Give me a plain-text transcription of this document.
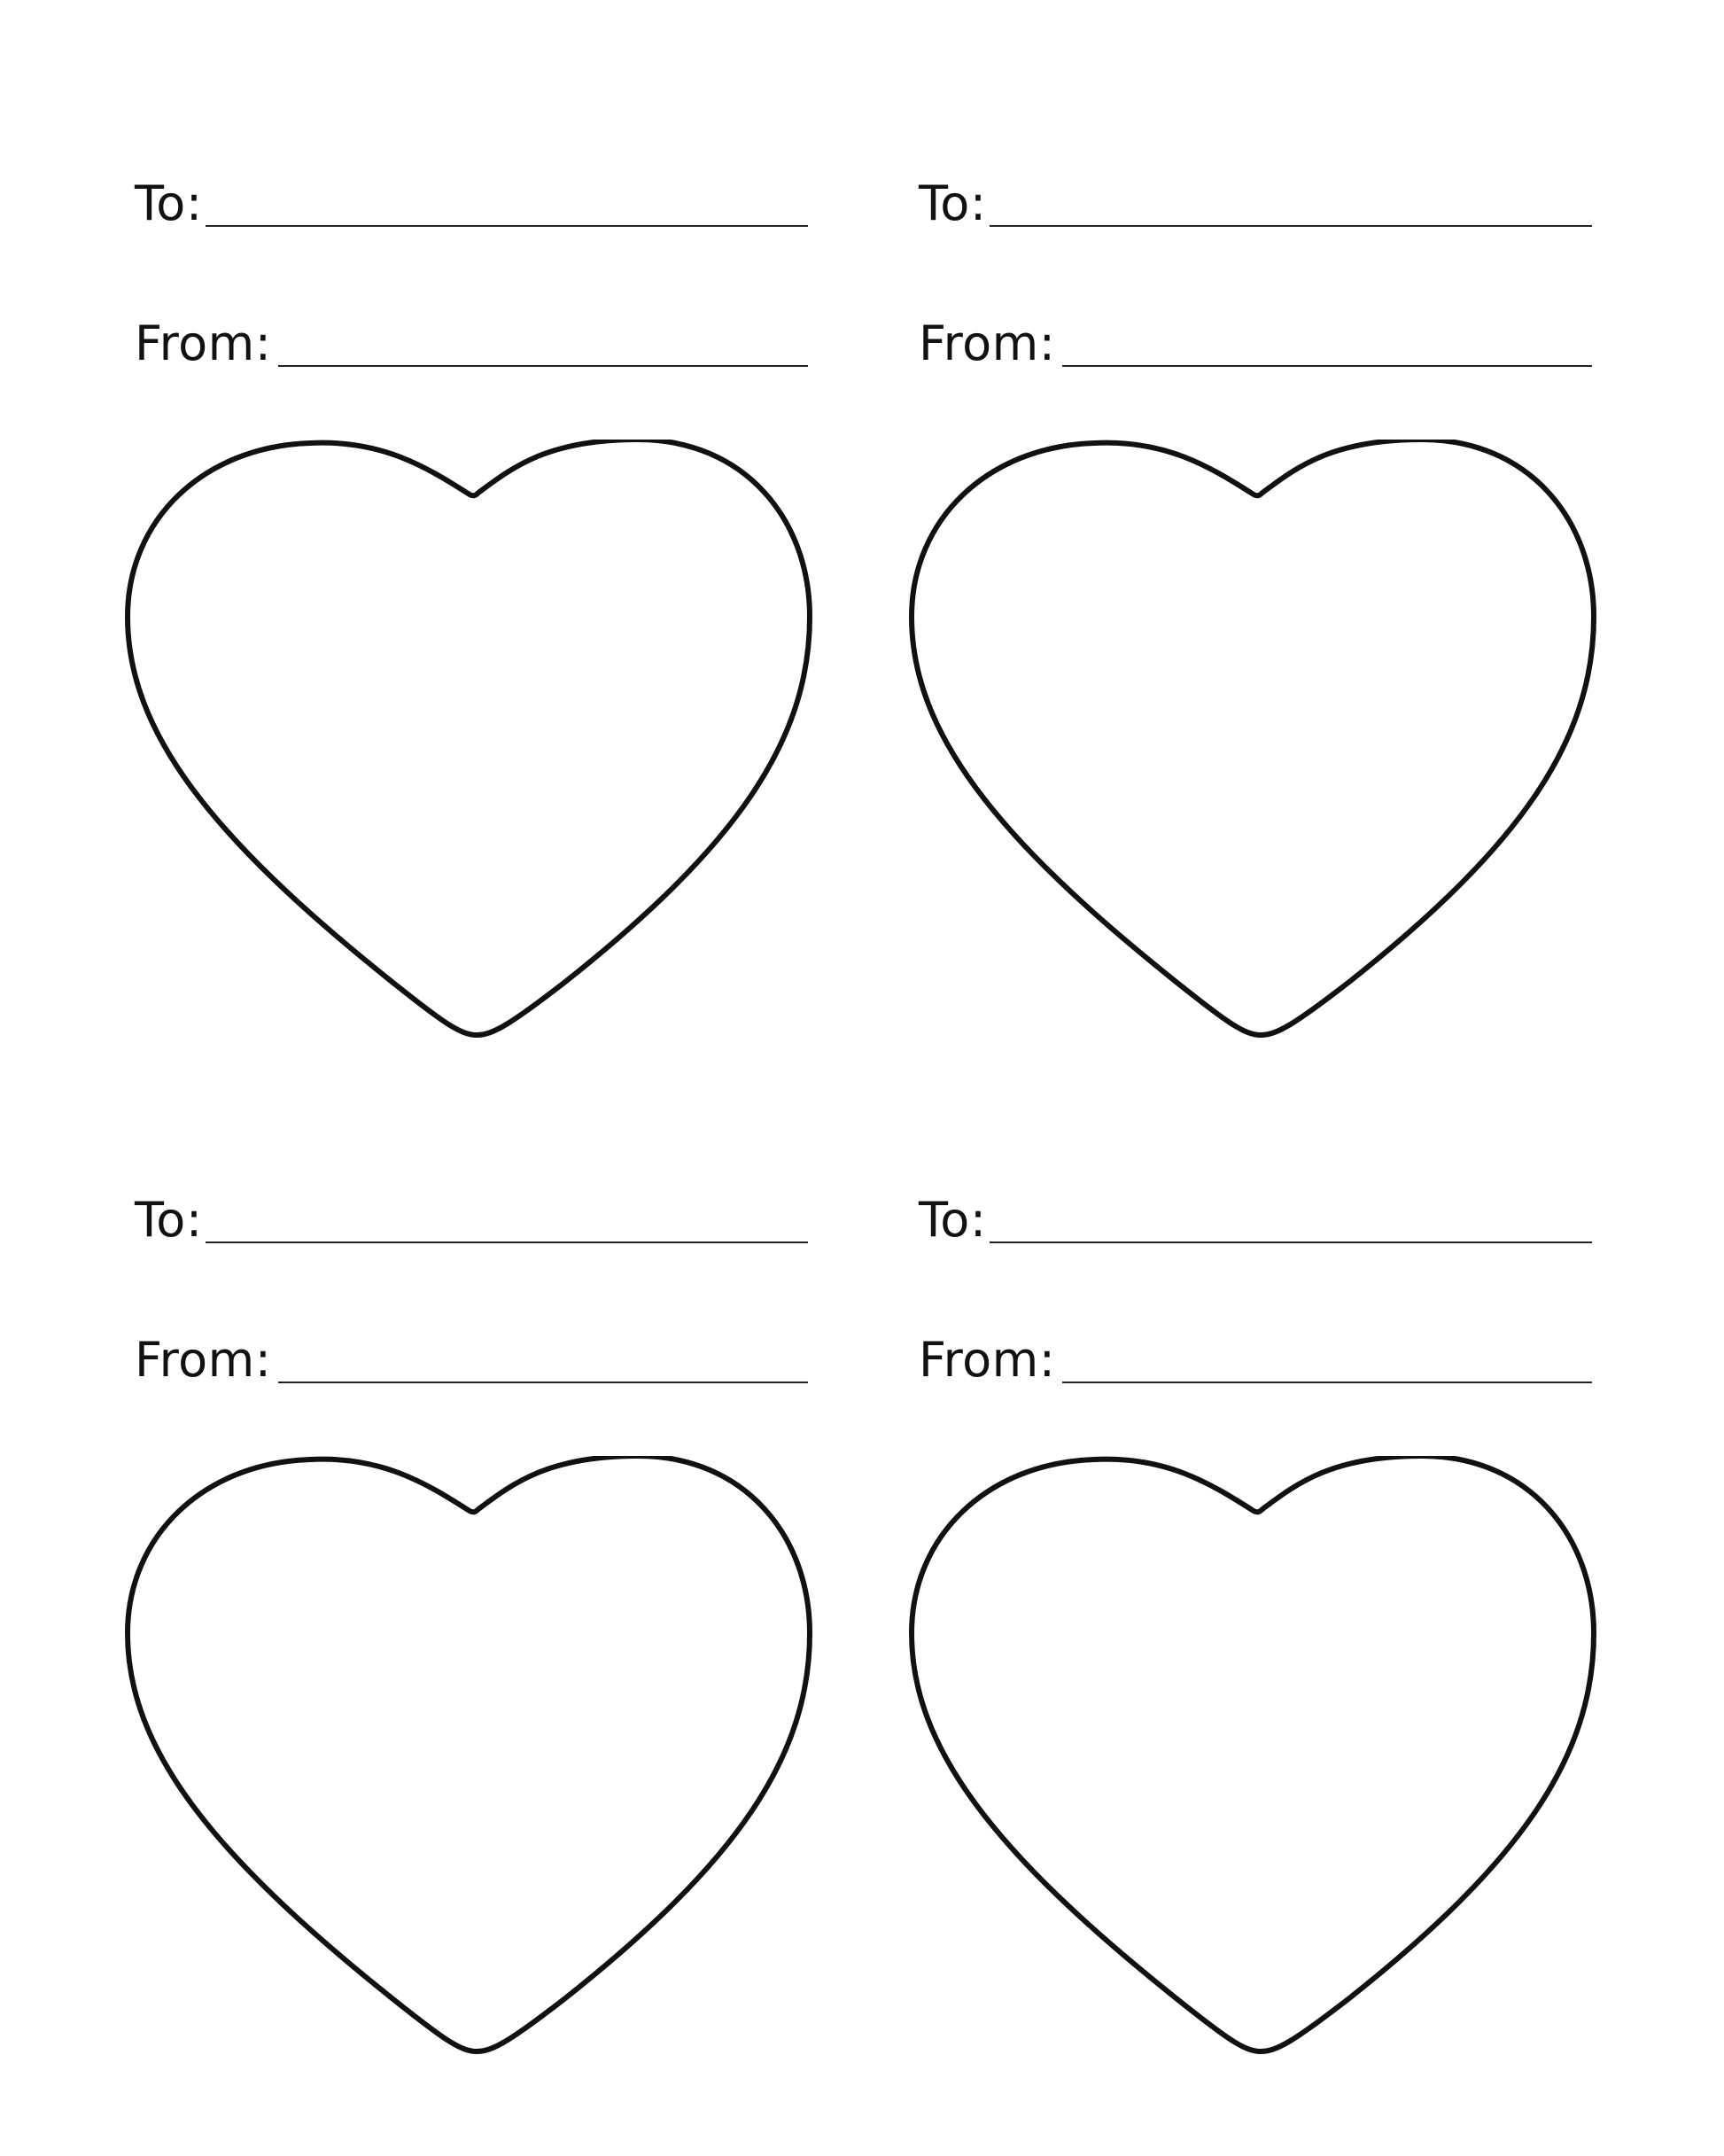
To:
From:
To:
From:
To:
From:
To:
From:
